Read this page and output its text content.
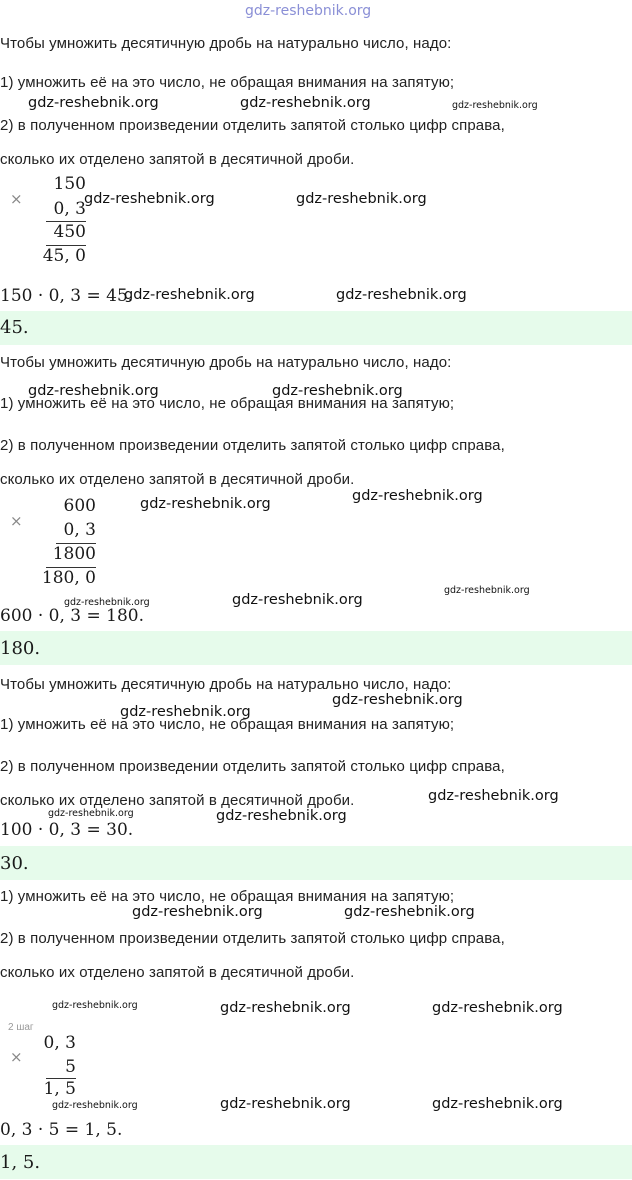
gdz-reshebnik.org
Чтобы умножить десятичную дробь на натурально число, надо:
1) умножить её на это число, не обращая внимания на запятую;
gdz-reshebnik.org	gdz-reshebnik.org	gdz-reshebnik.org
2) в полученном произведении отделить запятой столько цифр справа,
сколько их отделено запятой в десятичной дроби.
×
150
0, 3
450
45, 0
gdz-reshebnik.org	gdz-reshebnik.org
150 · 0, 3 = 45.
gdz-reshebnik.org	gdz-reshebnik.org
45.
Чтобы умножить десятичную дробь на натурально число, надо:
gdz-reshebnik.org	gdz-reshebnik.org
1) умножить её на это число, не обращая внимания на запятую;
2) в полученном произведении отделить запятой столько цифр справа,
сколько их отделено запятой в десятичной дроби.
×
600
0, 3
1800
180, 0
gdz-reshebnik.org	gdz-reshebnik.org
gdz-reshebnik.org
gdz-reshebnik.org	gdz-reshebnik.org
600 · 0, 3 = 180.
180.
Чтобы умножить десятичную дробь на натурально число, надо:
gdz-reshebnik.org
gdz-reshebnik.org
1) умножить её на это число, не обращая внимания на запятую;
2) в полученном произведении отделить запятой столько цифр справа,
сколько их отделено запятой в десятичной дроби.	gdz-reshebnik.org
gdz-reshebnik.org	gdz-reshebnik.org
100 · 0, 3 = 30.
30.
1) умножить её на это число, не обращая внимания на запятую;
gdz-reshebnik.org	gdz-reshebnik.org
2) в полученном произведении отделить запятой столько цифр справа,
сколько их отделено запятой в десятичной дроби.
gdz-reshebnik.org	gdz-reshebnik.org	gdz-reshebnik.org
2 шаг
×
0, 3
5
1, 5
gdz-reshebnik.org	gdz-reshebnik.org	gdz-reshebnik.org
0, 3 · 5 = 1, 5.
1, 5.
